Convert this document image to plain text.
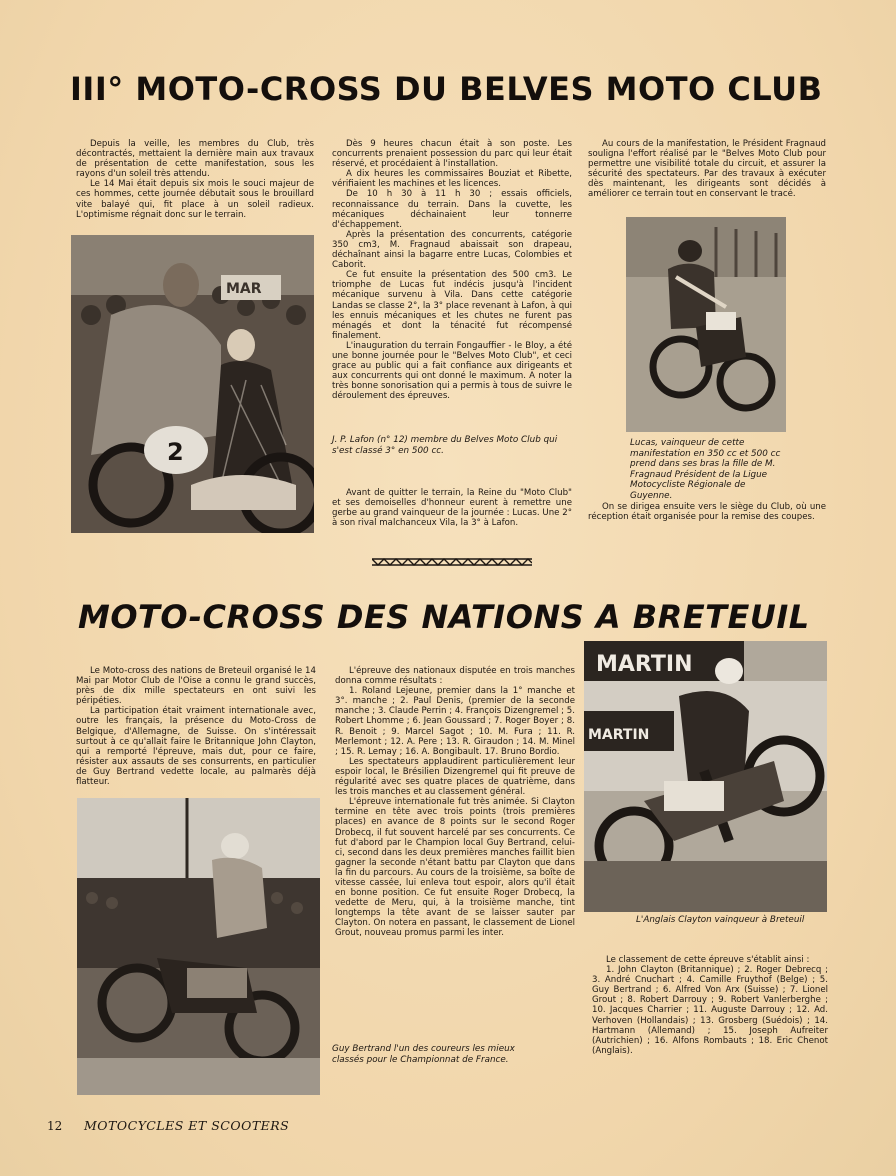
III° MOTO-CROSS DU BELVES MOTO CLUB

Depuis la veille, les membres du Club, très décontractés, mettaient la dernière main aux travaux de présentation de cette manifestation, sous les rayons d'un soleil très attendu.

Le 14 Mai était depuis six mois le souci majeur de ces hommes, cette journée débutait sous le brouillard vite balayé qui, fit place à un soleil radieux. L'optimisme régnait donc sur le terrain.

MAR
2

Dès 9 heures chacun était à son poste. Les concurrents prenaient possession du parc qui leur était réservé, et procédaient à l'installation.

A dix heures les commissaires Bouziat et Ribette, vérifiaient les machines et les licences.

De 10 h 30 à 11 h 30 ; essais officiels, reconnaissance du terrain. Dans la cuvette, les mécaniques déchainaient leur tonnerre d'échappement.

Après la présentation des concurrents, catégorie 350 cm3, M. Fragnaud abaissait son drapeau, déchaînant ainsi la bagarre entre Lucas, Colombies et Caborit.

Ce fut ensuite la présentation des 500 cm3. Le triomphe de Lucas fut indécis jusqu'à l'incident mécanique survenu à Vila. Dans cette catégorie Landas se classe 2°, la 3° place revenant à Lafon, à qui les ennuis mécaniques et les chutes ne furent pas ménagés et dont la ténacité fut récompensé finalement.

L'inauguration du terrain Fongauffier - le Bloy, a été une bonne journée pour le "Belves Moto Club", et ceci grace au public qui a fait confiance aux dirigeants et aux concurrents qui ont donné le maximum. A noter la très bonne sonorisation qui a permis à tous de suivre le déroulement des épreuves.

J. P. Lafon (n° 12) membre du Belves Moto Club qui s'est classé 3° en 500 cc.

Avant de quitter le terrain, la Reine du "Moto Club" et ses demoiselles d'honneur eurent à remettre une gerbe au grand vainqueur de la journée : Lucas. Une 2° à son rival malchanceux Vila, la 3° à Lafon.

Au cours de la manifestation, le Président Fragnaud souligna l'effort réalisé par le "Belves Moto Club pour permettre une visibilité totale du circuit, et assurer la sécurité des spectateurs. Par des travaux à exécuter dès maintenant, les dirigeants sont décidés à améliorer ce terrain tout en conservant le tracé.

Lucas, vainqueur de cette manifestation en 350 cc et 500 cc prend dans ses bras la fille de M. Fragnaud Président de la Ligue Motocycliste Régionale de Guyenne.

On se dirigea ensuite vers le siège du Club, où une réception était organisée pour la remise des coupes.

MOTO-CROSS DES NATIONS A BRETEUIL

Le Moto-cross des nations de Breteuil organisé le 14 Mai par Motor Club de l'Oise a connu le grand succès, près de dix mille spectateurs en ont suivi les péripéties.

La participation était vraiment internationale avec, outre les français, la présence du Moto-Cross de Belgique, d'Allemagne, de Suisse. On s'intéressait surtout à ce qu'allait faire le Britannique John Clayton, qui a remporté l'épreuve, mais dut, pour ce faire, résister aux assauts de ses consurrents, en particulier de Guy Bertrand vedette locale, au palmarès déjà flatteur.

L'épreuve des nationaux disputée en trois manches donna comme résultats :

1. Roland Lejeune, premier dans la 1° manche et 3°. manche ; 2. Paul Denis, (premier de la seconde manche ; 3. Claude Perrin ; 4. François Dizengremel ; 5. Robert Lhomme ; 6. Jean Goussard ; 7. Roger Boyer ; 8. R. Benoit ; 9. Marcel Sagot ; 10. M. Fura ; 11. R. Merlemont ; 12. A. Pere ; 13. R. Giraudon ; 14. M. Minel ; 15. R. Lemay ; 16. A. Bongibault. 17. Bruno Bordio.

Les spectateurs applaudirent particulièrement leur espoir local, le Brésilien Dizengremel qui fit preuve de régularité avec ses quatre places de quatrième, dans les trois manches et au classement général.

L'épreuve internationale fut très animée. Si Clayton termine en tête avec trois points (trois premières places) en avance de 8 points sur le second Roger Drobecq, il fut souvent harcelé par ses concurrents. Ce fut d'abord par le Champion local Guy Bertrand, celui-ci, second dans les deux premières manches faillit bien gagner la seconde n'étant battu par Clayton que dans la fin du parcours. Au cours de la troisième, sa boîte de vitesse cassée, lui enleva tout espoir, alors qu'il était en bonne position. Ce fut ensuite Roger Drobecq, la vedette de Meru, qui, à la troisième manche, tint longtemps la tête avant de se laisser sauter par Clayton. On notera en passant, le classement de Lionel Grout, nouveau promus parmi les inter.

Guy Bertrand l'un des coureurs les mieux classés pour le Championnat de France.
MARTIN
MARTIN
L'Anglais Clayton vainqueur à Breteuil

Le classement de cette épreuve s'établit ainsi :

1. John Clayton (Britannique) ; 2. Roger Debrecq ; 3. André Cnuchart ; 4. Camille Fruythof (Belge) ; 5. Guy Bertrand ; 6. Alfred Von Arx (Suisse) ; 7. Lionel Grout ; 8. Robert Darrouy ; 9. Robert Vanlerberghe ; 10. Jacques Charrier ; 11. Auguste Darrouy ; 12. Ad. Verhoven (Hollandais) ; 13. Grosberg (Suédois) ; 14. Hartmann (Allemand) ; 15. Joseph Aufreiter (Autrichien) ; 16. Alfons Rombauts ; 18. Eric Chenot (Anglais).

12 MOTOCYCLES ET SCOOTERS
